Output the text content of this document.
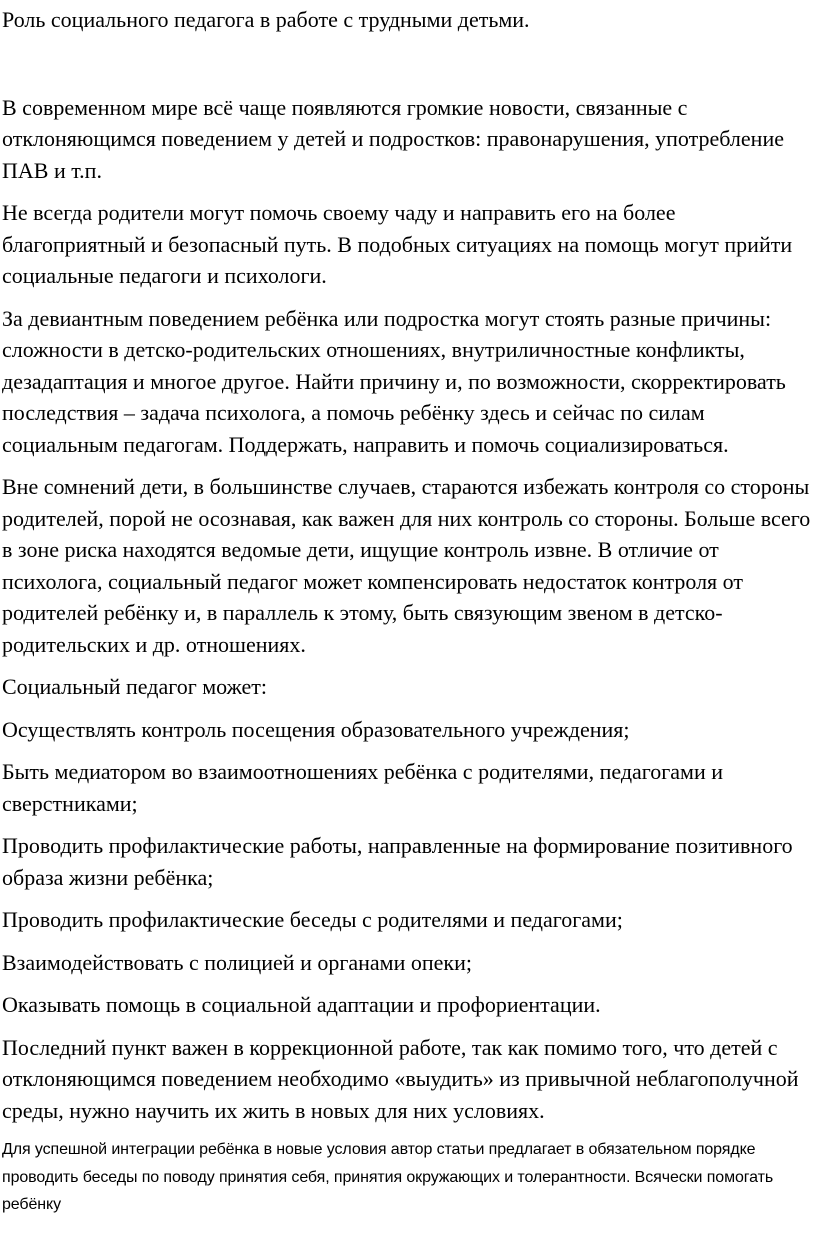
Роль социального педагога в работе с трудными детьми.

В современном мире всё чаще появляются громкие новости, связанные с отклоняющимся поведением у детей и подростков: правонарушения, употребление ПАВ и т.п.

Не всегда родители могут помочь своему чаду и направить его на более благоприятный и безопасный путь. В подобных ситуациях на помощь могут прийти социальные педагоги и психологи.

За девиантным поведением ребёнка или подростка могут стоять разные причины: сложности в детско-родительских отношениях, внутриличностные конфликты, дезадаптация и многое другое. Найти причину и, по возможности, скорректировать последствия – задача психолога, а помочь ребёнку здесь и сейчас по силам социальным педагогам. Поддержать, направить и помочь социализироваться.

Вне сомнений дети, в большинстве случаев, стараются избежать контроля со стороны родителей, порой не осознавая, как важен для них контроль со стороны. Больше всего в зоне риска находятся ведомые дети, ищущие контроль извне. В отличие от психолога, социальный педагог может компенсировать недостаток контроля от родителей ребёнку и, в параллель к этому, быть связующим звеном в детско-родительских и др. отношениях.

Социальный педагог может:

Осуществлять контроль посещения образовательного учреждения;

Быть медиатором во взаимоотношениях ребёнка с родителями, педагогами и сверстниками;

Проводить профилактические работы, направленные на формирование позитивного образа жизни ребёнка;

Проводить профилактические беседы с родителями и педагогами;

Взаимодействовать с полицией и органами опеки;

Оказывать помощь в социальной адаптации и профориентации.

Последний пункт важен в коррекционной работе, так как помимо того, что детей с отклоняющимся поведением необходимо «выудить» из привычной неблагополучной среды, нужно научить их жить в новых для них условиях.

Для успешной интеграции ребёнка в новые условия автор статьи предлагает в обязательном порядке проводить беседы по поводу принятия себя, принятия окружающих и толерантности. Всячески помогать ребёнку
